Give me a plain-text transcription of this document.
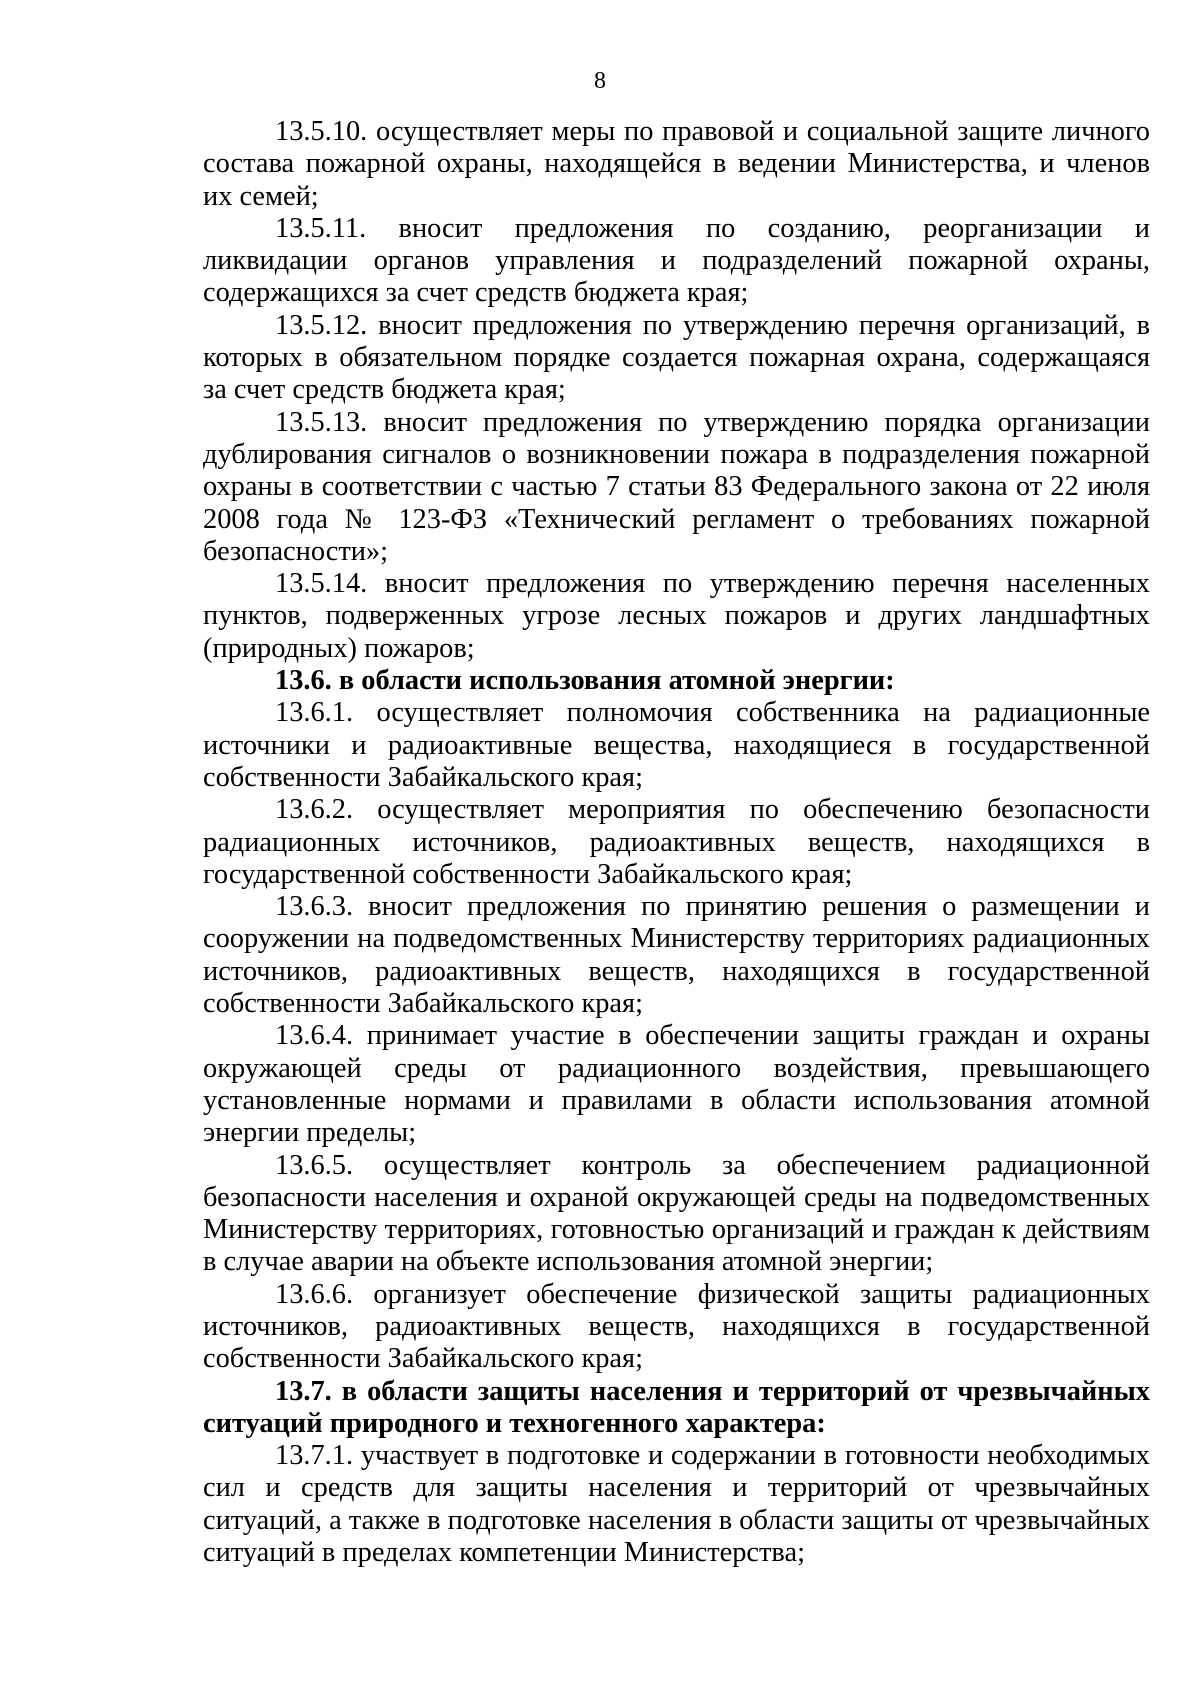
8

13.5.10. осуществляет меры по правовой и социальной защите личного состава пожарной охраны, находящейся в ведении Министерства, и членов их семей;

13.5.11. вносит предложения по созданию, реорганизации и ликвидации органов управления и подразделений пожарной охраны, содержащихся за счет средств бюджета края;

13.5.12. вносит предложения по утверждению перечня организаций, в которых в обязательном порядке создается пожарная охрана, содержащаяся за счет средств бюджета края;

13.5.13. вносит предложения по утверждению порядка организации дублирования сигналов о возникновении пожара в подразделения пожарной охраны в соответствии с частью 7 статьи 83 Федерального закона от 22 июля 2008 года № 123-ФЗ «Технический регламент о требованиях пожарной безопасности»;

13.5.14. вносит предложения по утверждению перечня населенных пунктов, подверженных угрозе лесных пожаров и других ландшафтных (природных) пожаров;

13.6. в области использования атомной энергии:

13.6.1. осуществляет полномочия собственника на радиационные источники и радиоактивные вещества, находящиеся в государственной собственности Забайкальского края;

13.6.2. осуществляет мероприятия по обеспечению безопасности радиационных источников, радиоактивных веществ, находящихся в государственной собственности Забайкальского края;

13.6.3. вносит предложения по принятию решения о размещении и сооружении на подведомственных Министерству территориях радиационных источников, радиоактивных веществ, находящихся в государственной собственности Забайкальского края;

13.6.4. принимает участие в обеспечении защиты граждан и охраны окружающей среды от радиационного воздействия, превышающего установленные нормами и правилами в области использования атомной энергии пределы;

13.6.5. осуществляет контроль за обеспечением радиационной безопасности населения и охраной окружающей среды на подведомственных Министерству территориях, готовностью организаций и граждан к действиям в случае аварии на объекте использования атомной энергии;

13.6.6. организует обеспечение физической защиты радиационных источников, радиоактивных веществ, находящихся в государственной собственности Забайкальского края;

13.7. в области защиты населения и территорий от чрезвычайных ситуаций природного и техногенного характера:

13.7.1. участвует в подготовке и содержании в готовности необходимых сил и средств для защиты населения и территорий от чрезвычайных ситуаций, а также в подготовке населения в области защиты от чрезвычайных ситуаций в пределах компетенции Министерства;
